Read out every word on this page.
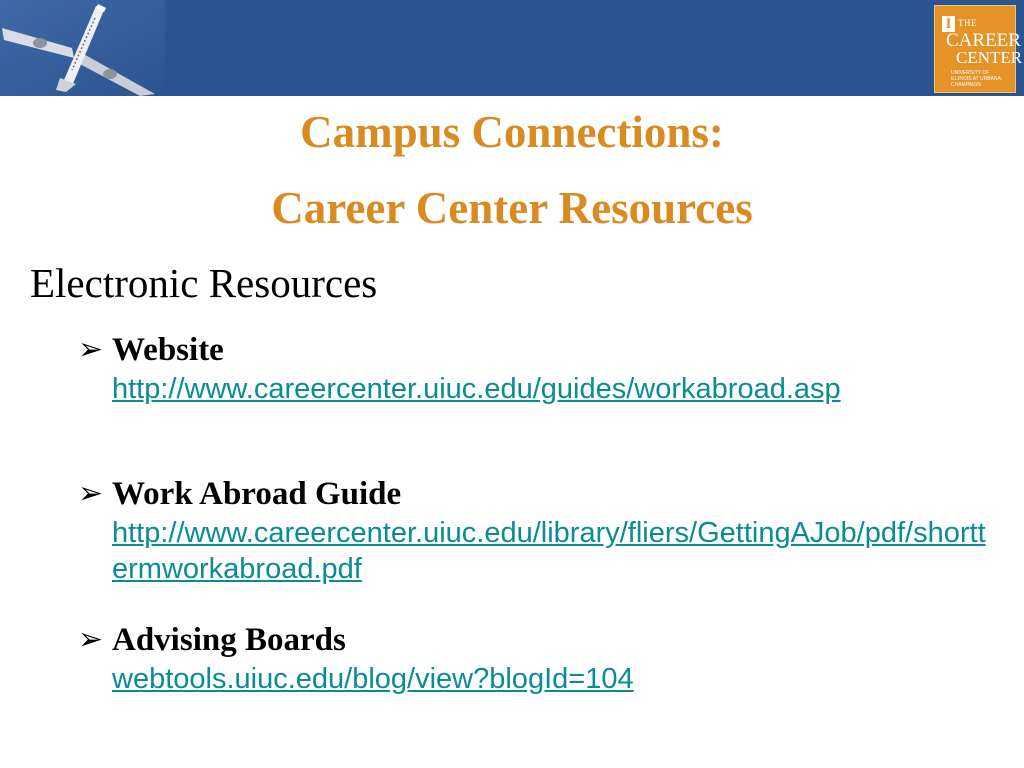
I THE
CAREER
CENTER
UNIVERSITY OF ILLINOIS AT URBANA-CHAMPAIGN
Campus Connections:
Career Center Resources
Electronic Resources
➢ Website
http://www.careercenter.uiuc.edu/guides/workabroad.asp
➢ Work Abroad Guide
http://www.careercenter.uiuc.edu/library/fliers/GettingAJob/pdf/shorttermworkabroad.pdf
➢ Advising Boards
webtools.uiuc.edu/blog/view?blogId=104
